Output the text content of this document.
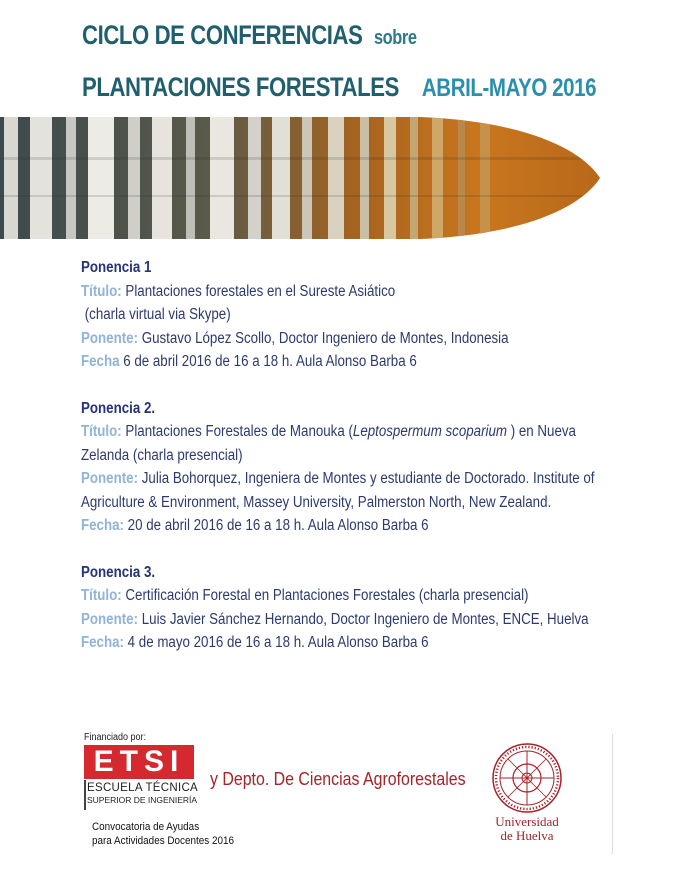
CICLO DE CONFERENCIAS sobre
PLANTACIONES FORESTALES ABRIL-MAYO 2016
Ponencia 1
Título: Plantaciones forestales en el Sureste Asiático
(charla virtual via Skype)
Ponente: Gustavo López Scollo, Doctor Ingeniero de Montes, Indonesia
Fecha 6 de abril 2016 de 16 a 18 h. Aula Alonso Barba 6
Ponencia 2.
Título: Plantaciones Forestales de Manouka (Leptospermum scoparium ) en Nueva Zelanda (charla presencial)
Ponente: Julia Bohorquez, Ingeniera de Montes y estudiante de Doctorado. Institute of Agriculture & Environment, Massey University, Palmerston North, New Zealand.
Fecha: 20 de abril 2016 de 16 a 18 h. Aula Alonso Barba 6
Ponencia 3.
Título: Certificación Forestal en Plantaciones Forestales (charla presencial)
Ponente: Luis Javier Sánchez Hernando, Doctor Ingeniero de Montes, ENCE, Huelva
Fecha: 4 de mayo 2016 de 16 a 18 h. Aula Alonso Barba 6
Financiado por:
ETSI
ESCUELA TÉCNICA
SUPERIOR DE INGENIERÍA
y Depto. De Ciencias Agroforestales
Convocatoria de Ayudas
para Actividades Docentes 2016
Universidad
de Huelva
